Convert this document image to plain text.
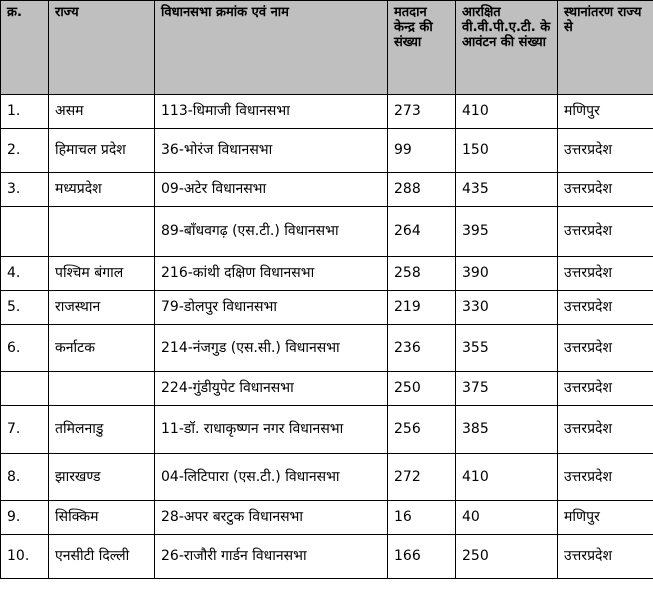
क्र.	राज्य	विधानसभा क्रमांक एवं नाम	मतदान केन्द्र की संख्या	आरक्षित वी.वी.पी.ए.टी. के आवंटन की संख्या	स्थानांतरण राज्य से
1.	असम	113-धिमाजी विधानसभा	273	410	मणिपुर
2.	हिमाचल प्रदेश	36-भोरंज विधानसभा	99	150	उत्तरप्रदेश
3.	मध्यप्रदेश	09-अटेर विधानसभा	288	435	उत्तरप्रदेश
		89-बाँधवगढ़ (एस.टी.) विधानसभा	264	395	उत्तरप्रदेश
4.	पश्चिम बंगाल	216-कांथी दक्षिण विधानसभा	258	390	उत्तरप्रदेश
5.	राजस्थान	79-डोलपुर विधानसभा	219	330	उत्तरप्रदेश
6.	कर्नाटक	214-नंजगुड (एस.सी.) विधानसभा	236	355	उत्तरप्रदेश
		224-गुंडीयुपेट विधानसभा	250	375	उत्तरप्रदेश
7.	तमिलनाडु	11-डॉ. राधाकृष्णन नगर विधानसभा	256	385	उत्तरप्रदेश
8.	झारखण्ड	04-लिटिपारा (एस.टी.) विधानसभा	272	410	उत्तरप्रदेश
9.	सिक्किम	28-अपर बरटुक विधानसभा	16	40	मणिपुर
10.	एनसीटी दिल्ली	26-राजौरी गार्डन विधानसभा	166	250	उत्तरप्रदेश
